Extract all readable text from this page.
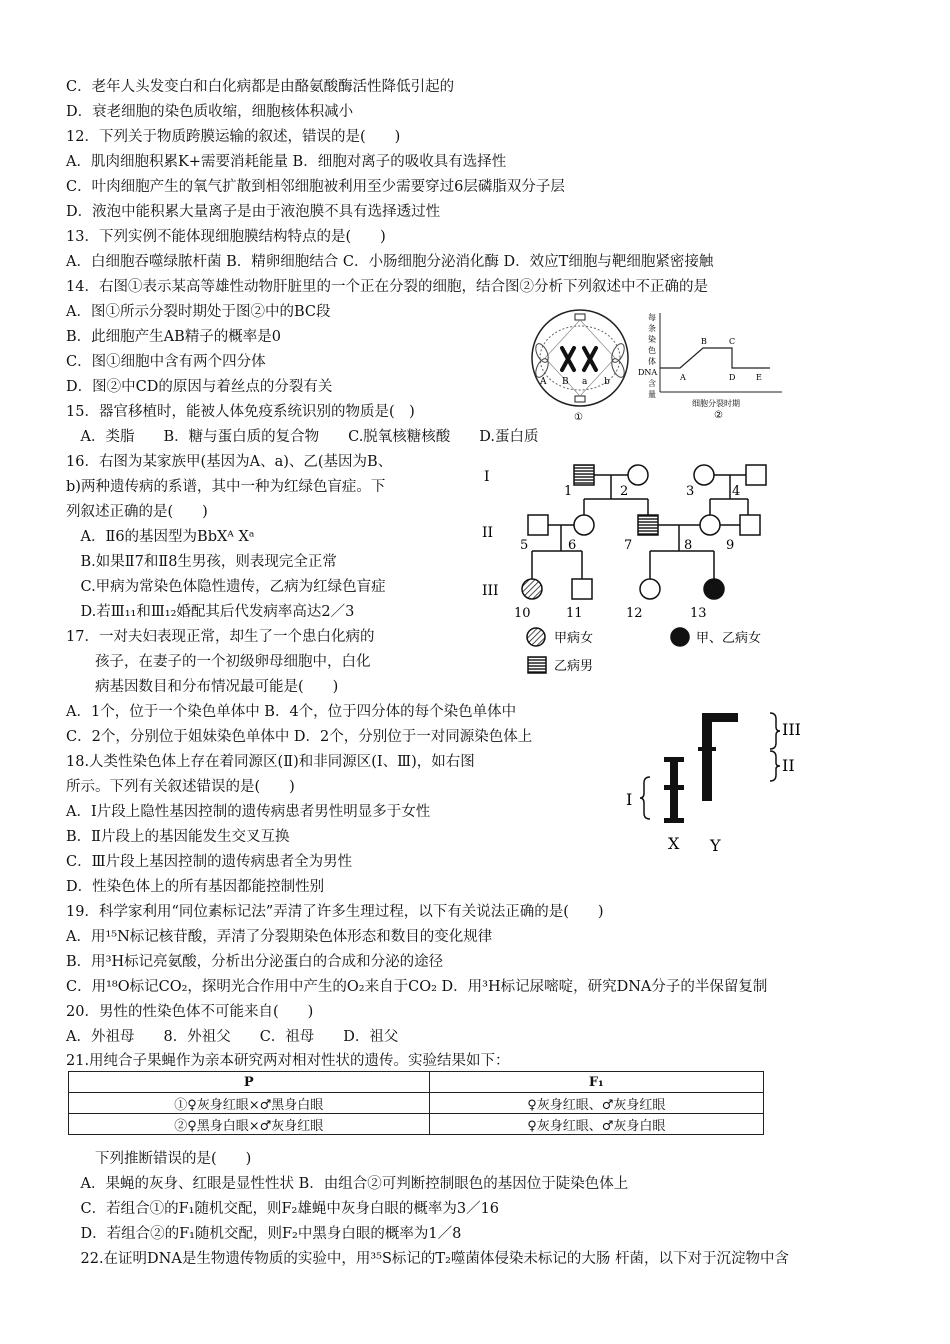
C．老年人头发变白和白化病都是由酪氨酸酶活性降低引起的
D．衰老细胞的染色质收缩，细胞核体积减小
12．下列关于物质跨膜运输的叙述，错误的是(　　)
A．肌肉细胞积累K+需要消耗能量 B．细胞对离子的吸收具有选择性
C．叶肉细胞产生的氧气扩散到相邻细胞被利用至少需要穿过6层磷脂双分子层
D．液泡中能积累大量离子是由于液泡膜不具有选择透过性
13．下列实例不能体现细胞膜结构特点的是(　　)
A．白细胞吞噬绿脓杆菌 B．精卵细胞结合 C．小肠细胞分泌消化酶 D．效应T细胞与靶细胞紧密接触
14．右图①表示某高等雄性动物肝脏里的一个正在分裂的细胞，结合图②分析下列叙述中不正确的是
A．图①所示分裂时期处于图②中的BC段
B．此细胞产生AB精子的概率是0
C．图①细胞中含有两个四分体
D．图②中CD的原因与着丝点的分裂有关
15．器官移植时，能被人体免疫系统识别的物质是(　)
　A．类脂　　B．糖与蛋白质的复合物　　C.脱氧核糖核酸　　D.蛋白质
16．右图为某家族甲(基因为A、a)、乙(基因为B、
b)两种遗传病的系谱，其中一种为红绿色盲症。下
列叙述正确的是(　　)
　A．Ⅱ6的基因型为BbXᴬ Xᵃ
　B.如果Ⅱ7和Ⅱ8生男孩，则表现完全正常
　C.甲病为常染色体隐性遗传，乙病为红绿色盲症
　D.若Ⅲ₁₁和Ⅲ₁₂婚配其后代发病率高达2／3
17．一对夫妇表现正常，却生了一个患白化病的
　　孩子，在妻子的一个初级卵母细胞中，白化
　　病基因数目和分布情况最可能是(　　)
A．1个，位于一个染色单体中 B．4个，位于四分体的每个染色单体中
C．2个，分别位于姐妹染色单体中 D．2个，分别位于一对同源染色体上
18.人类性染色体上存在着同源区(Ⅱ)和非同源区(Ⅰ、Ⅲ)，如右图
所示。下列有关叙述错误的是(　　)
A．Ⅰ片段上隐性基因控制的遗传病患者男性明显多于女性
B．Ⅱ片段上的基因能发生交叉互换
C．Ⅲ片段上基因控制的遗传病患者全为男性
D．性染色体上的所有基因都能控制性别
19．科学家利用“同位素标记法”弄清了许多生理过程，以下有关说法正确的是(　　)
A．用¹⁵N标记核苷酸，弄清了分裂期染色体形态和数目的变化规律
B．用³H标记亮氨酸，分析出分泌蛋白的合成和分泌的途径
C．用¹⁸O标记CO₂，探明光合作用中产生的O₂来自于CO₂ D．用³H标记尿嘧啶，研究DNA分子的半保留复制
20．男性的性染色体不可能来自(　　)
A．外祖母　　8．外祖父　　C．祖母　　D．祖父
21.用纯合子果蝇作为亲本研究两对相对性状的遗传。实验结果如下：
　　下列推断错误的是(　　)
　A．果蝇的灰身、红眼是显性性状 B．由组合②可判断控制眼色的基因位于陡染色体上
　C．若组合①的F₁随机交配，则F₂雄蝇中灰身白眼的概率为3／16
　D．若组合②的F₁随机交配，则F₂中黑身白眼的概率为1／8
　22.在证明DNA是生物遗传物质的实验中，用³⁵S标记的T₂噬菌体侵染未标记的大肠 杆菌，以下对于沉淀物中含
P	F₁
①♀灰身红眼×♂黑身白眼	♀灰身红眼、♂灰身红眼
②♀黑身白眼×♂灰身红眼	♀灰身红眼、♂灰身白眼
A B a b
①
每
条
染
色
体
DNA
含
量
A
B	C
D	E
细胞分裂时期
②
I
II
III
1	2	3	4
5	6	7	8	9
10	11	12	13
甲病女	甲、乙病女
乙病男
III
II
I
X Y
